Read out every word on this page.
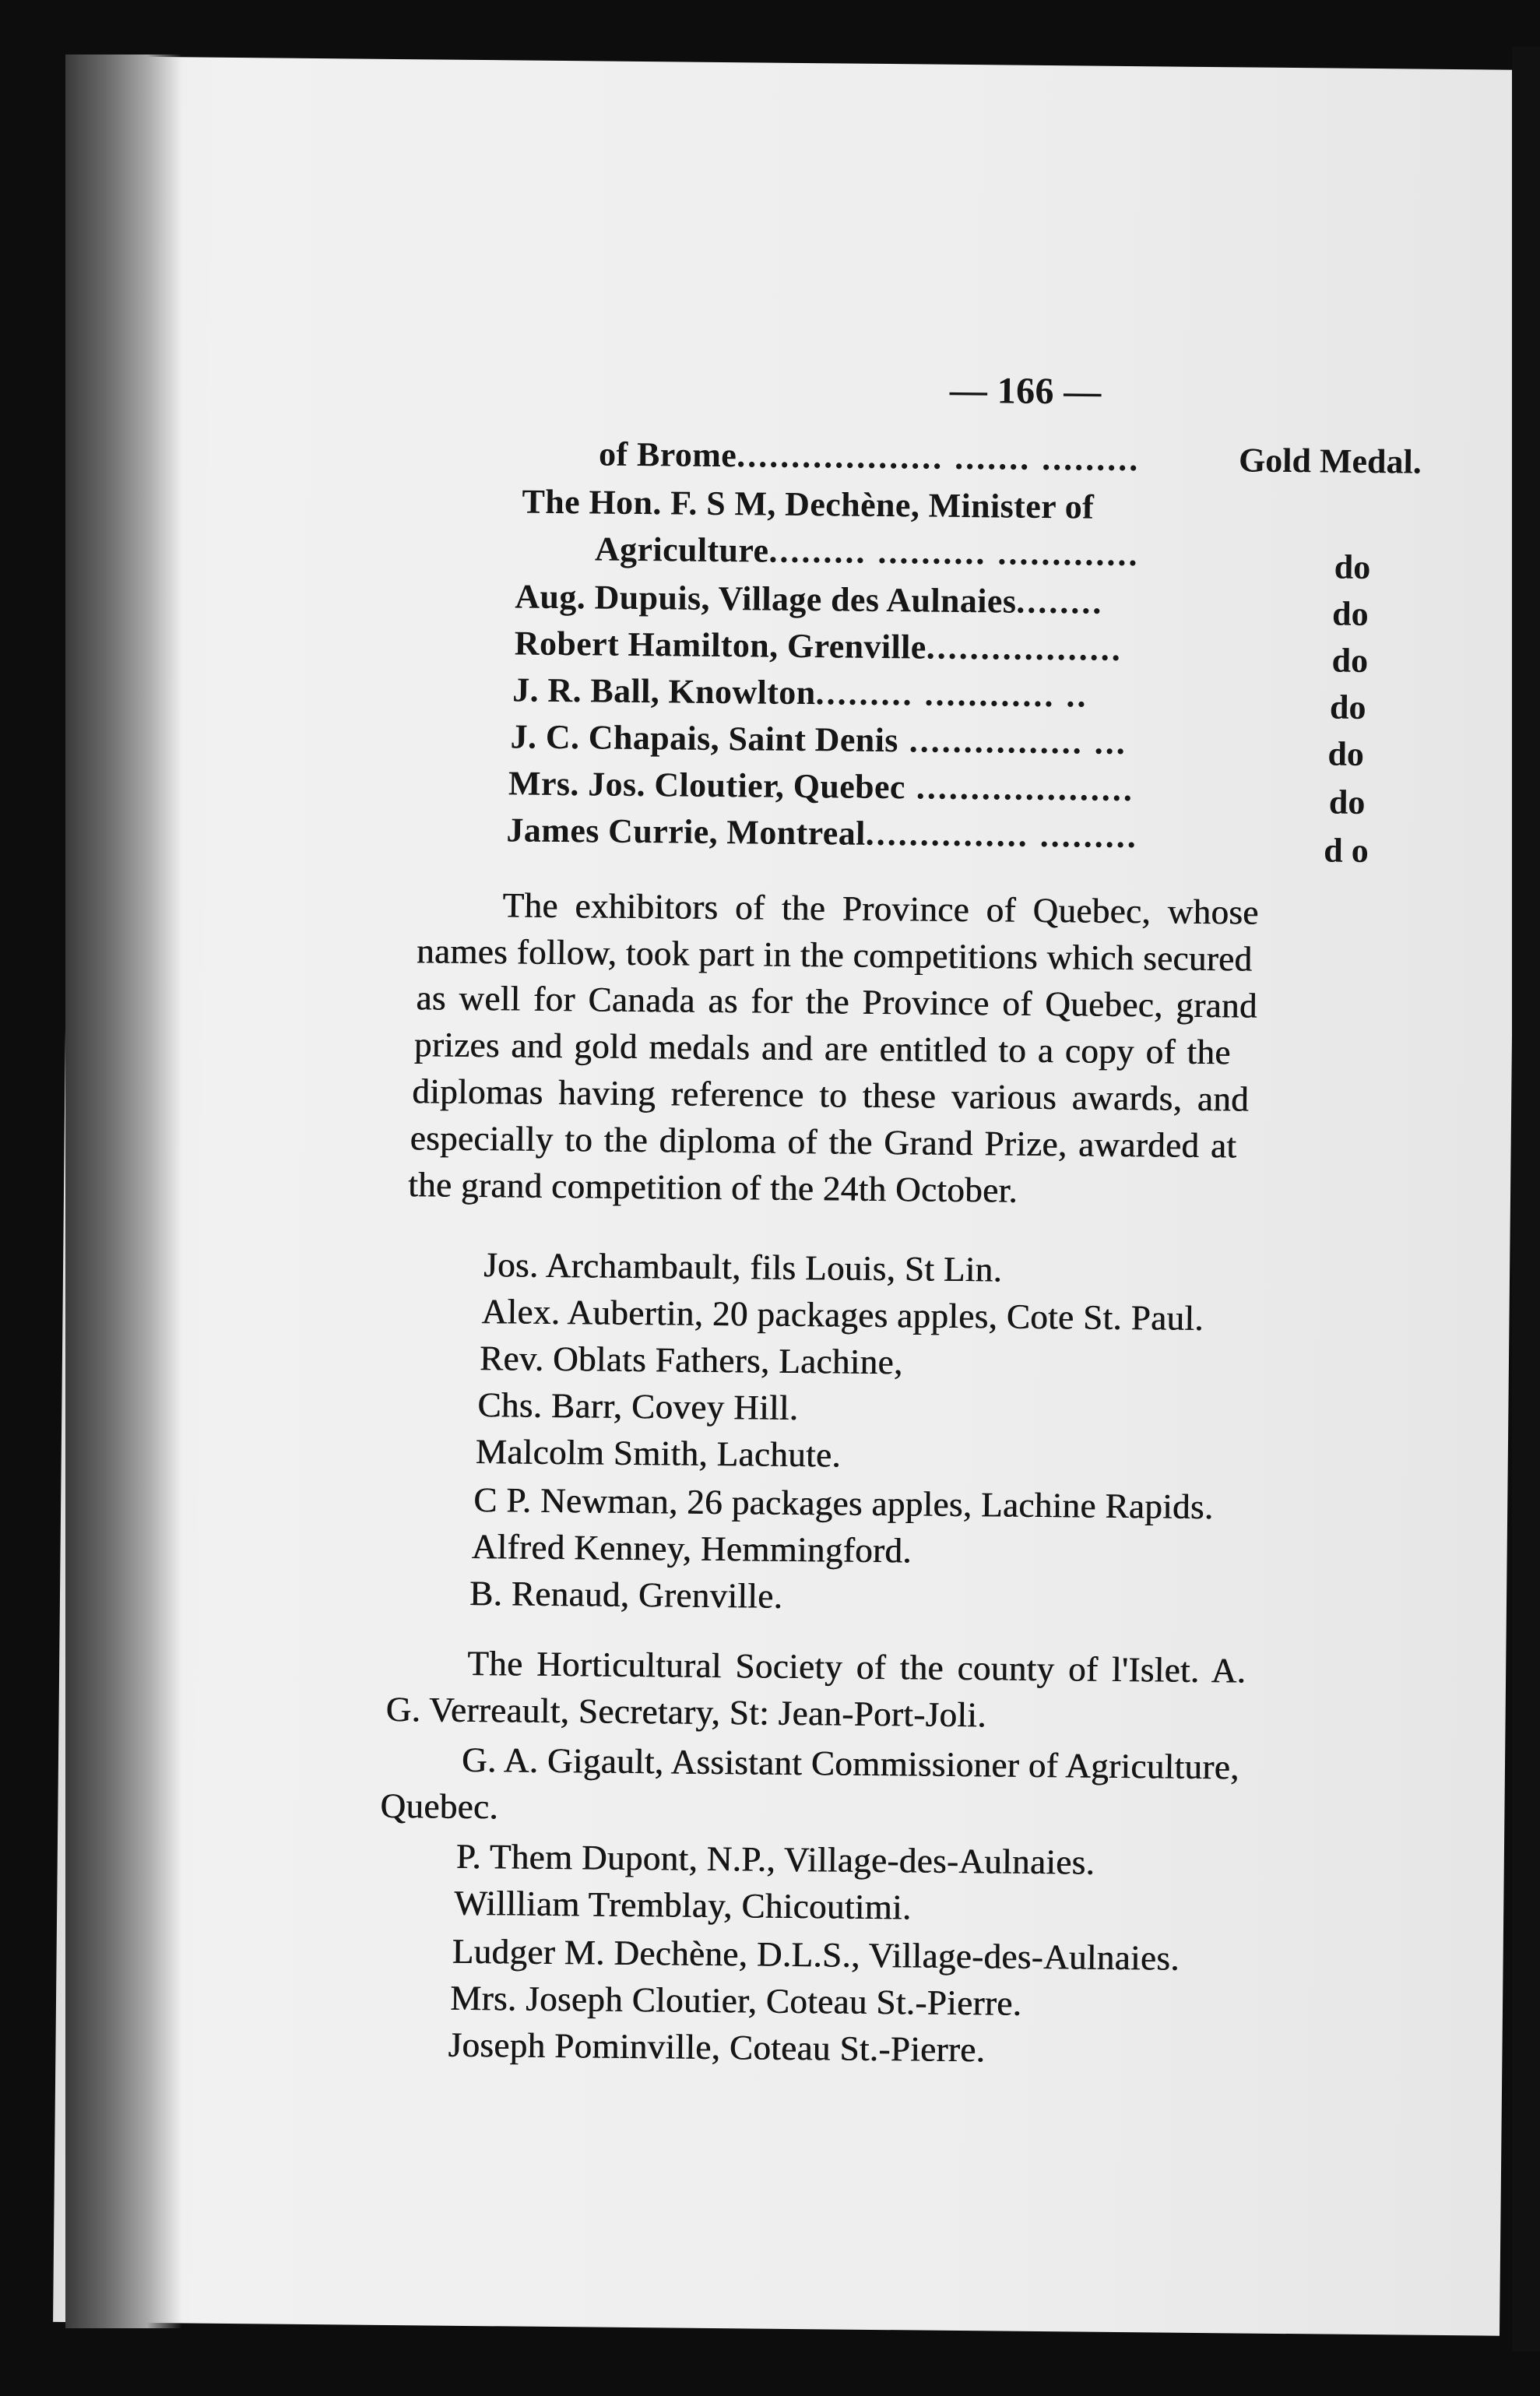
— 166 —
of Brome................... ....... .........	Gold Medal.
The Hon. F. S M, Dechène, Minister of
Agriculture......... .......... .............	do
Aug. Dupuis, Village des Aulnaies........	do
Robert Hamilton, Grenville..................	do
J. R. Ball, Knowlton......... ............ ..	do
J. C. Chapais, Saint Denis ................ ...	do
Mrs. Jos. Cloutier, Quebec ....................	do
James Currie, Montreal............... .........	d o
The exhibitors of the Province of Quebec, whose
names follow, took part in the competitions which secured
as well for Canada as for the Province of Quebec, grand
prizes and gold medals and are entitled to a copy of the
diplomas having reference to these various awards, and
especially to the diploma of the Grand Prize, awarded at
the grand competition of the 24th October.
Jos. Archambault, fils Louis, St Lin.
Alex. Aubertin, 20 packages apples, Cote St. Paul.
Rev. Oblats Fathers, Lachine,
Chs. Barr, Covey Hill.
Malcolm Smith, Lachute.
C P. Newman, 26 packages apples, Lachine Rapids.
Alfred Kenney, Hemmingford.
B. Renaud, Grenville.
The Horticultural Society of the county of l'Islet. A.
G. Verreault, Secretary, St: Jean-Port-Joli.
G. A. Gigault, Assistant Commissioner of Agriculture,
Quebec.
P. Them Dupont, N.P., Village-des-Aulnaies.
Willliam Tremblay, Chicoutimi.
Ludger M. Dechène, D.L.S., Village-des-Aulnaies.
Mrs. Joseph Cloutier, Coteau St.-Pierre.
Joseph Pominville, Coteau St.-Pierre.
